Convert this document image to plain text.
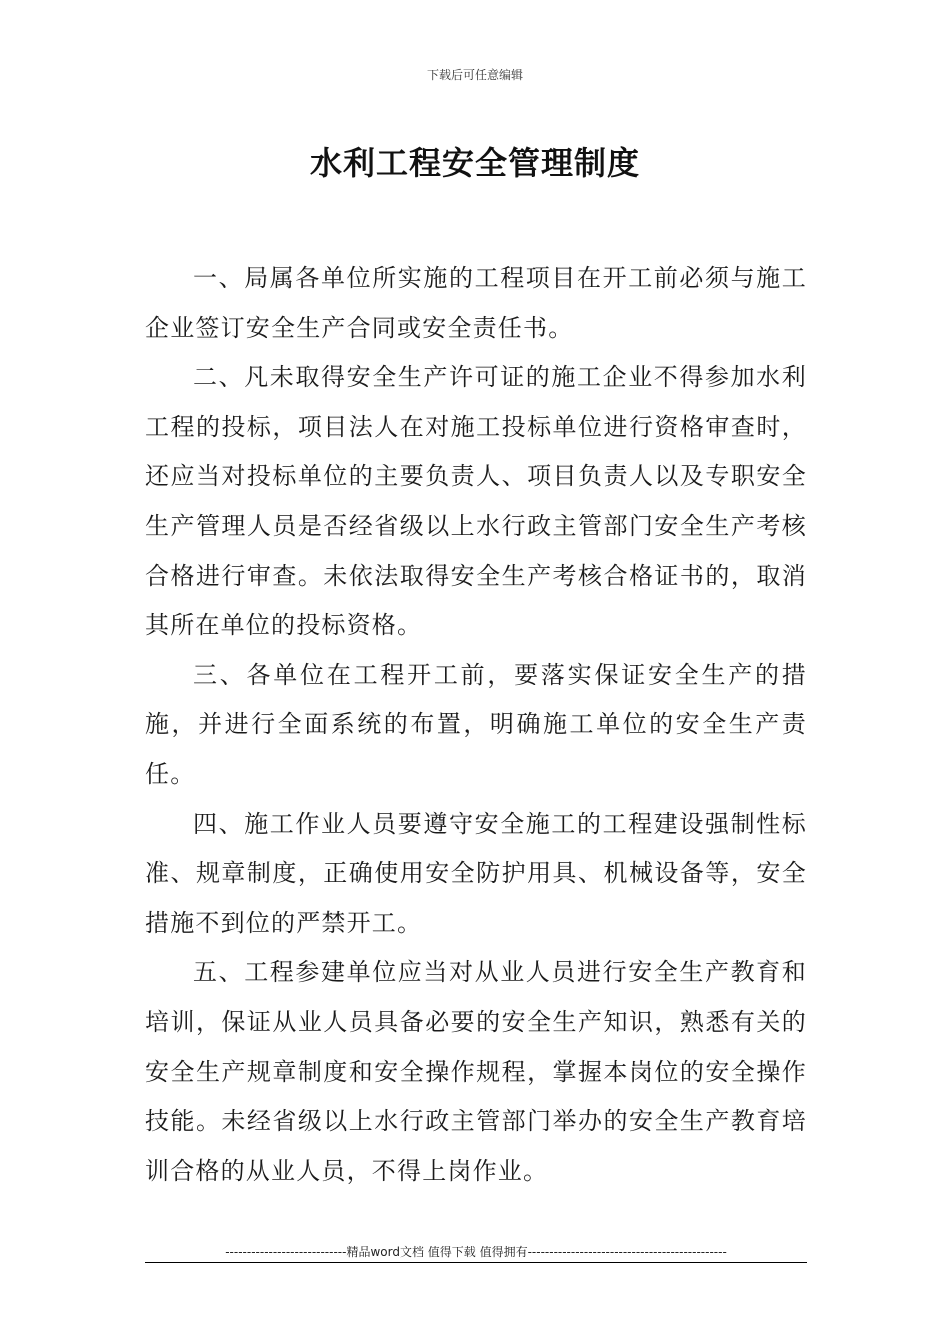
下载后可任意编辑
水利工程安全管理制度

一、局属各单位所实施的工程项目在开工前必须与施工企业签订安全生产合同或安全责任书。

二、凡未取得安全生产许可证的施工企业不得参加水利工程的投标，项目法人在对施工投标单位进行资格审查时，还应当对投标单位的主要负责人、项目负责人以及专职安全生产管理人员是否经省级以上水行政主管部门安全生产考核合格进行审查。未依法取得安全生产考核合格证书的，取消其所在单位的投标资格。

三、各单位在工程开工前，要落实保证安全生产的措施，并进行全面系统的布置，明确施工单位的安全生产责任。

四、施工作业人员要遵守安全施工的工程建设强制性标准、规章制度，正确使用安全防护用具、机械设备等，安全措施不到位的严禁开工。

五、工程参建单位应当对从业人员进行安全生产教育和培训，保证从业人员具备必要的安全生产知识，熟悉有关的安全生产规章制度和安全操作规程，掌握本岗位的安全操作技能。未经省级以上水行政主管部门举办的安全生产教育培训合格的从业人员，不得上岗作业。

----------------------------精品word文档 值得下载 值得拥有----------------------------------------------
